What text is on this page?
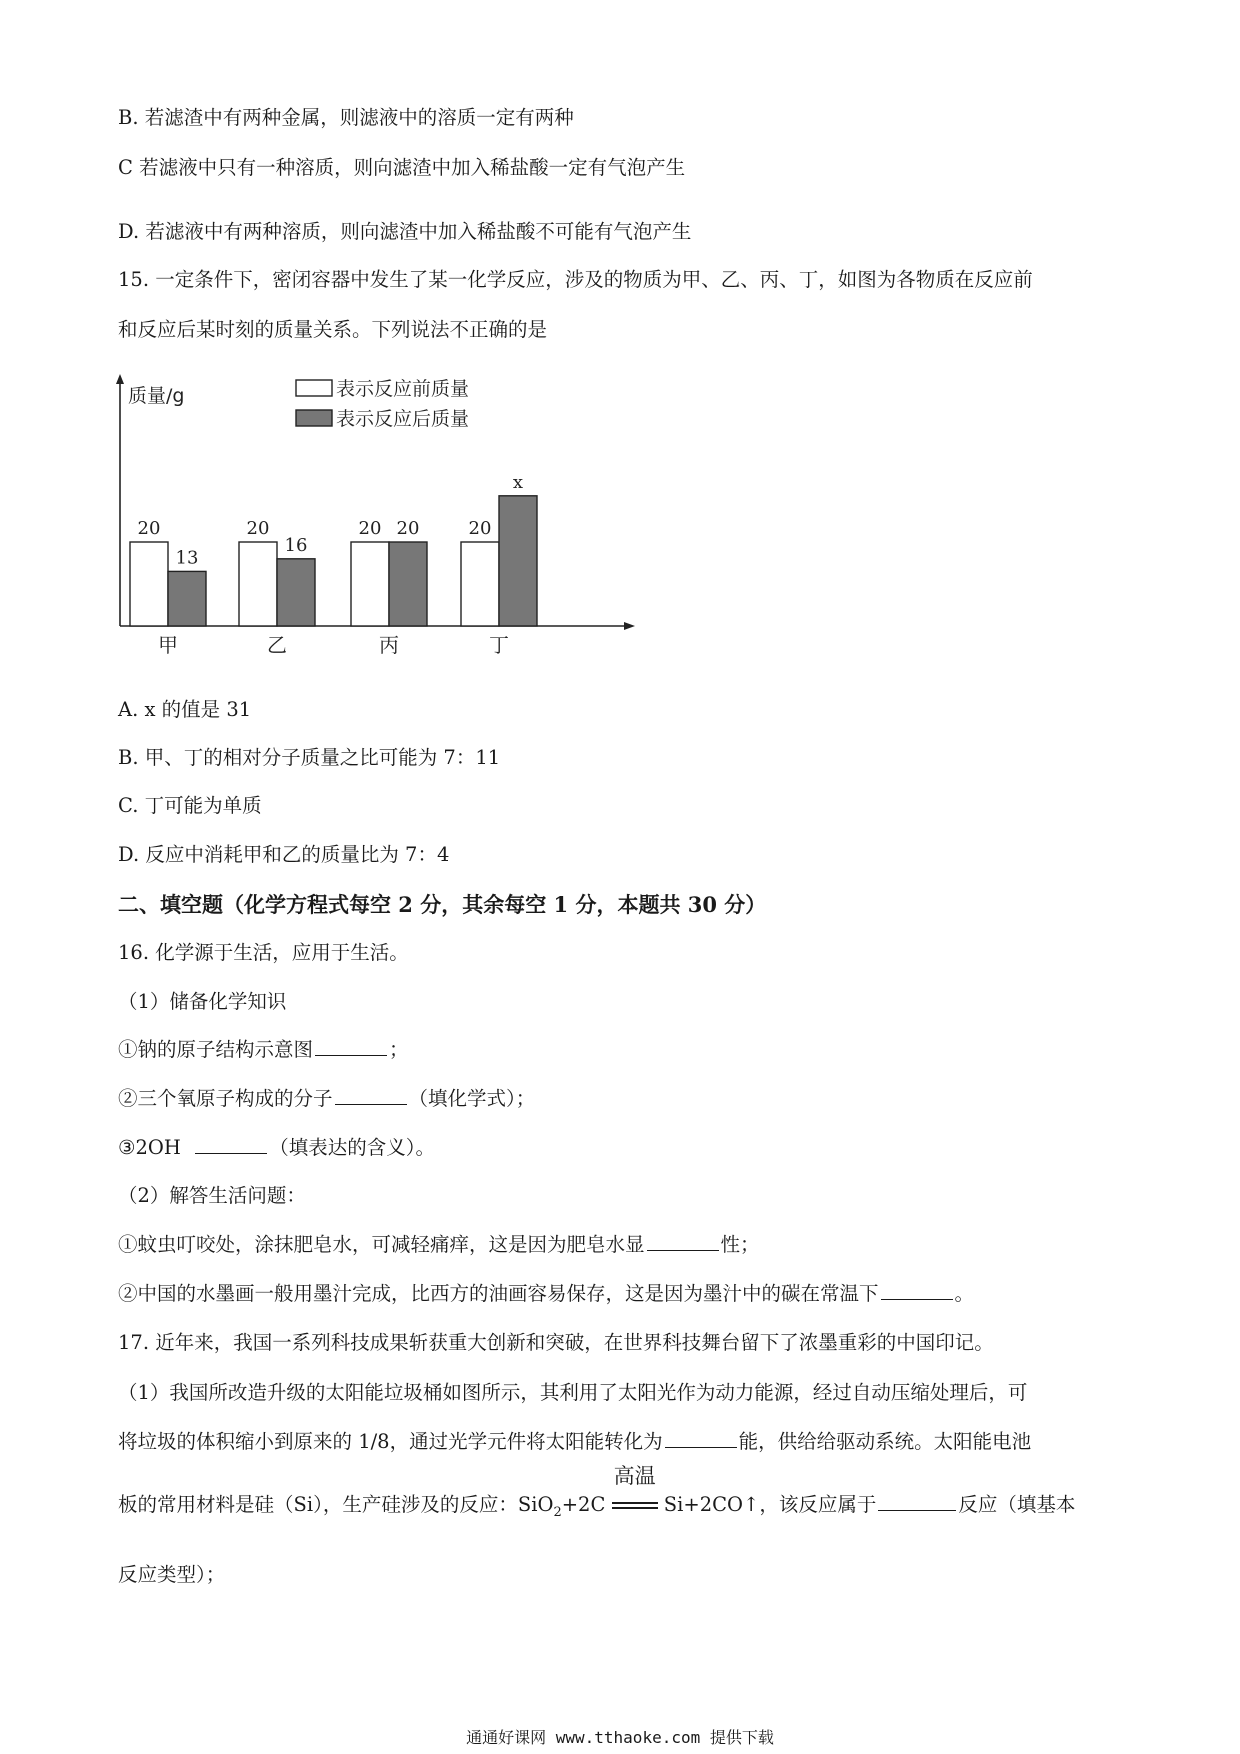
B. 若滤渣中有两种金属，则滤液中的溶质一定有两种
C 若滤液中只有一种溶质，则向滤渣中加入稀盐酸一定有气泡产生
D. 若滤液中有两种溶质，则向滤渣中加入稀盐酸不可能有气泡产生
15. 一定条件下，密闭容器中发生了某一化学反应，涉及的物质为甲、乙、丙、丁，如图为各物质在反应前
和反应后某时刻的质量关系。下列说法不正确的是
质量/g	表示反应前质量
表示反应后质量
20
13
甲
20
16
乙
20 20
丙
20
x
丁
A. x 的值是 31
B. 甲、丁的相对分子质量之比可能为 7：11
C. 丁可能为单质
D. 反应中消耗甲和乙的质量比为 7：4
二、填空题（化学方程式每空 2 分，其余每空 1 分，本题共 30 分）
16. 化学源于生活，应用于生活。
（1）储备化学知识
①钠的原子结构示意图	；
②三个氧原子构成的分子	（填化学式）；
③2OH	（填表达的含义）。
（2）解答生活问题：
①蚊虫叮咬处，涂抹肥皂水，可减轻痛痒，这是因为肥皂水显	性；
②中国的水墨画一般用墨汁完成，比西方的油画容易保存，这是因为墨汁中的碳在常温下	。
17. 近年来，我国一系列科技成果斩获重大创新和突破，在世界科技舞台留下了浓墨重彩的中国印记。
（1）我国所改造升级的太阳能垃圾桶如图所示，其利用了太阳光作为动力能源，经过自动压缩处理后，可
将垃圾的体积缩小到原来的 1/8，通过光学元件将太阳能转化为	能，供给给驱动系统。太阳能电池
板的常用材料是硅（Si），生产硅涉及的反应：SiO$_2$+2C
高温
Si+2CO↑，该反应属于	反应（填基本
反应类型）；
通通好课网 www.tthaoke.com 提供下载
